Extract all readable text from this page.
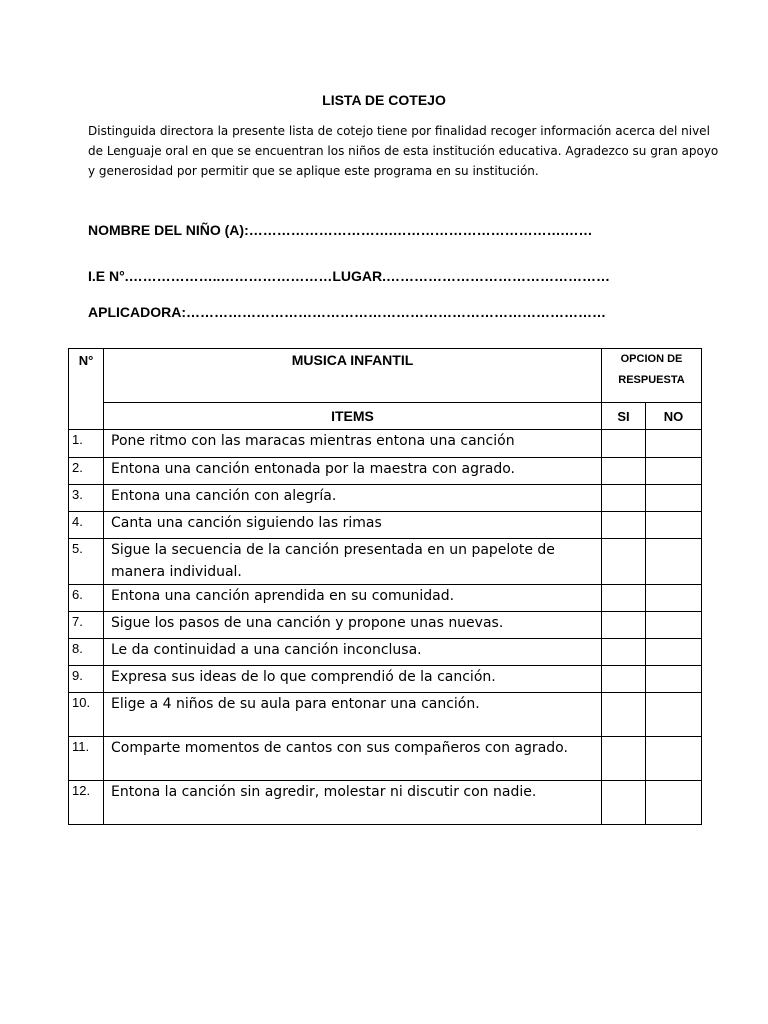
LISTA DE COTEJO
Distinguida directora la presente lista de cotejo tiene por finalidad recoger información acerca del nivel de Lenguaje oral en que se encuentran los niños de esta institución educativa. Agradezco su gran apoyo y generosidad por permitir que se aplique este programa en su institución.
NOMBRE DEL NIÑO (A):………………………….……………………………….……
I.E N°.………………..……………………LUGAR.…………………………………………
APLICADORA:………………………………………………………………………………
N°	MUSICA INFANTIL	OPCION DE RESPUESTA	
	ITEMS	SI	NO
1.	Pone ritmo con las maracas mientras entona una canción		
2.	Entona una canción entonada por la maestra con agrado.		
3.	Entona una canción con alegría.		
4.	Canta una canción siguiendo las rimas		
5.	Sigue la secuencia de la canción presentada en un papelote de manera individual.		
6.	Entona una canción aprendida en su comunidad.		
7.	Sigue los pasos de una canción y propone unas nuevas.		
8.	Le da continuidad a una canción inconclusa.		
9.	Expresa sus ideas de lo que comprendió de la canción.		
10.	Elige a 4 niños de su aula para entonar una canción.		
11.	Comparte momentos de cantos con sus compañeros con agrado.		
12.	Entona la canción sin agredir, molestar ni discutir con nadie.		
